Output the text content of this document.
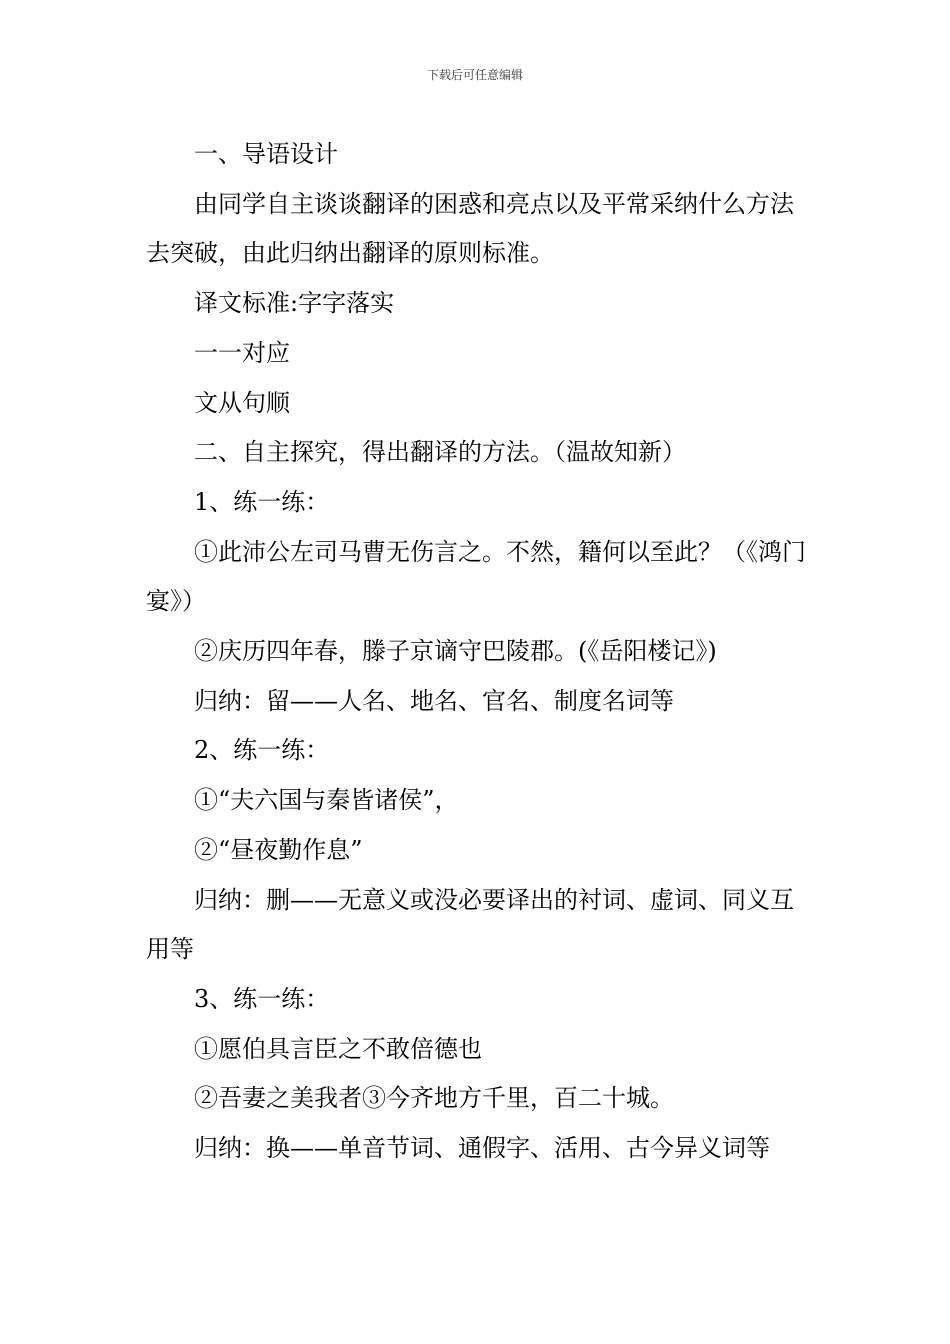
下载后可任意编辑

一、导语设计

由同学自主谈谈翻译的困惑和亮点以及平常采纳什么方法去突破，由此归纳出翻译的原则标准。

译文标准:字字落实

一一对应

文从句顺

二、自主探究，得出翻译的方法。（温故知新）

1、练一练：

①此沛公左司马曹无伤言之。不然，籍何以至此？（《鸿门宴》）

②庆历四年春，滕子京谪守巴陵郡。(《岳阳楼记》)

归纳：留——人名、地名、官名、制度名词等

2、练一练：

①“夫六国与秦皆诸侯”，

②“昼夜勤作息”

归纳：删——无意义或没必要译出的衬词、虚词、同义互用等

3、练一练：

①愿伯具言臣之不敢倍德也

②吾妻之美我者③今齐地方千里，百二十城。

归纳：换——单音节词、通假字、活用、古今异义词等
